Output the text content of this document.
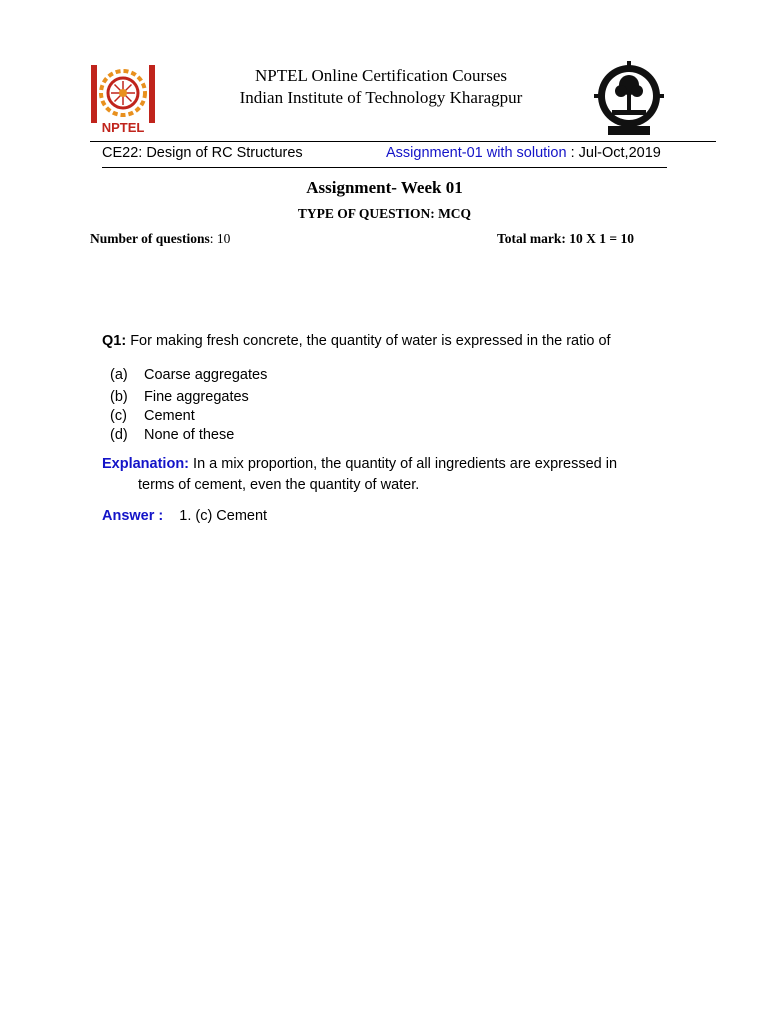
NPTEL
NPTEL Online Certification Courses
Indian Institute of Technology Kharagpur
CE22: Design of RC Structures	Assignment-01 with solution : Jul-Oct,2019
Assignment- Week 01
TYPE OF QUESTION: MCQ
Number of questions: 10	Total mark: 10 X 1 = 10
Q1: For making fresh concrete, the quantity of water is expressed in the ratio of
(a) Coarse aggregates
(b) Fine aggregates
(c) Cement
(d) None of these
Explanation: In a mix proportion, the quantity of all ingredients are expressed in
terms of cement, even the quantity of water.
Answer : 1. (c) Cement
